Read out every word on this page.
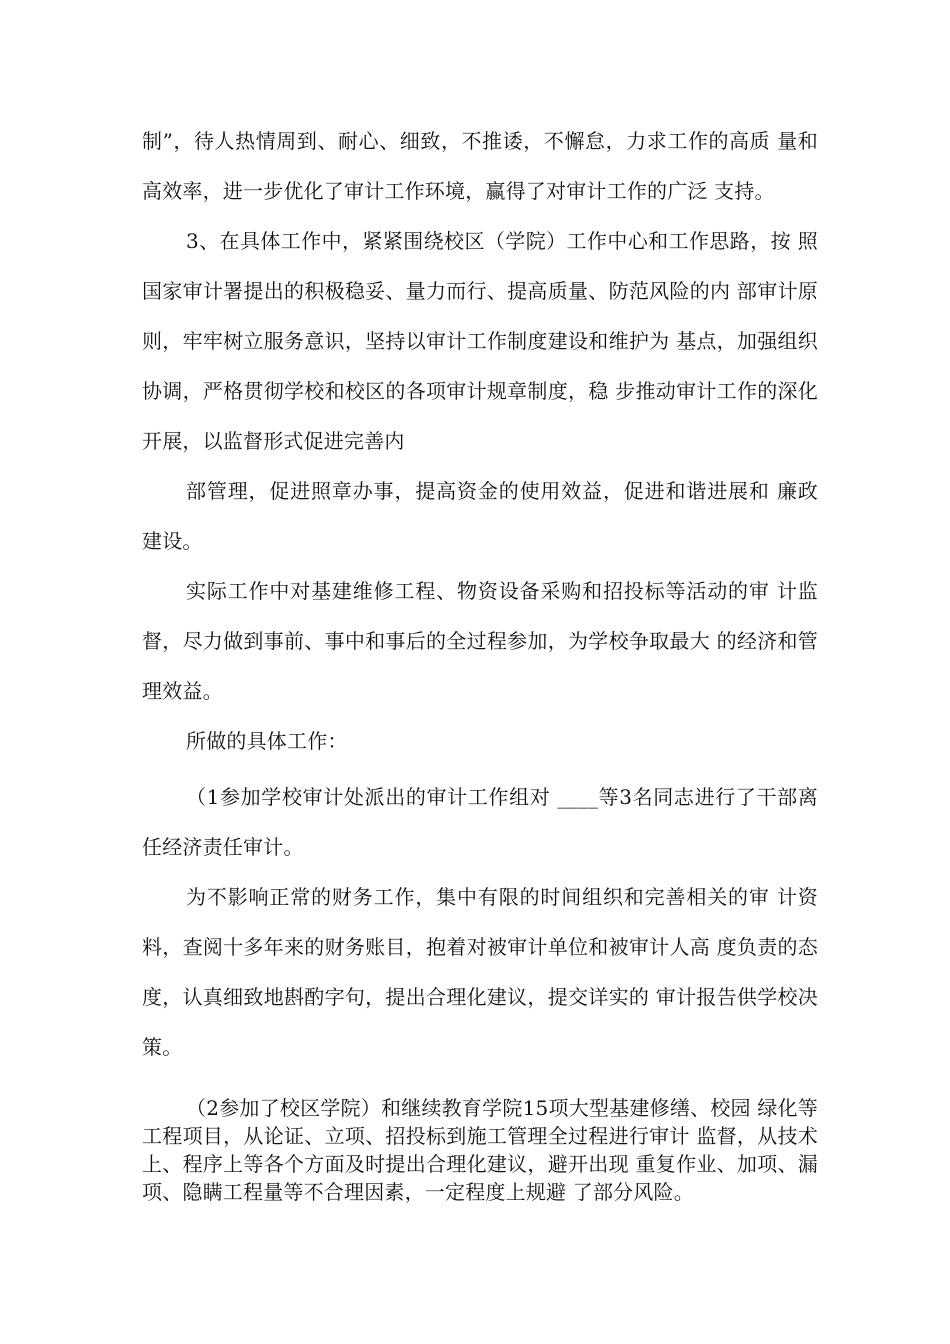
制”，待人热情周到、耐心、细致，不推诿，不懈怠，力求工作的高质 量和高效率，进一步优化了审计工作环境，赢得了对审计工作的广泛 支持。

3、在具体工作中，紧紧围绕校区（学院）工作中心和工作思路，按 照国家审计署提出的积极稳妥、量力而行、提高质量、防范风险的内 部审计原则，牢牢树立服务意识，坚持以审计工作制度建设和维护为 基点，加强组织协调，严格贯彻学校和校区的各项审计规章制度，稳 步推动审计工作的深化开展，以监督形式促进完善内

部管理，促进照章办事，提高资金的使用效益，促进和谐进展和 廉政建设。

实际工作中对基建维修工程、物资设备采购和招投标等活动的审 计监督，尽力做到事前、事中和事后的全过程参加，为学校争取最大 的经济和管理效益。

所做的具体工作：

（1参加学校审计处派出的审计工作组对 ____等3名同志进行了干部离任经济责任审计。

为不影响正常的财务工作，集中有限的时间组织和完善相关的审 计资料，查阅十多年来的财务账目，抱着对被审计单位和被审计人高 度负责的态度，认真细致地斟酌字句，提出合理化建议，提交详实的 审计报告供学校决策。

（2参加了校区学院）和继续教育学院15项大型基建修缮、校园 绿化等工程项目，从论证、立项、招投标到施工管理全过程进行审计 监督，从技术上、程序上等各个方面及时提出合理化建议，避开出现 重复作业、加项、漏项、隐瞒工程量等不合理因素，一定程度上规避 了部分风险。
